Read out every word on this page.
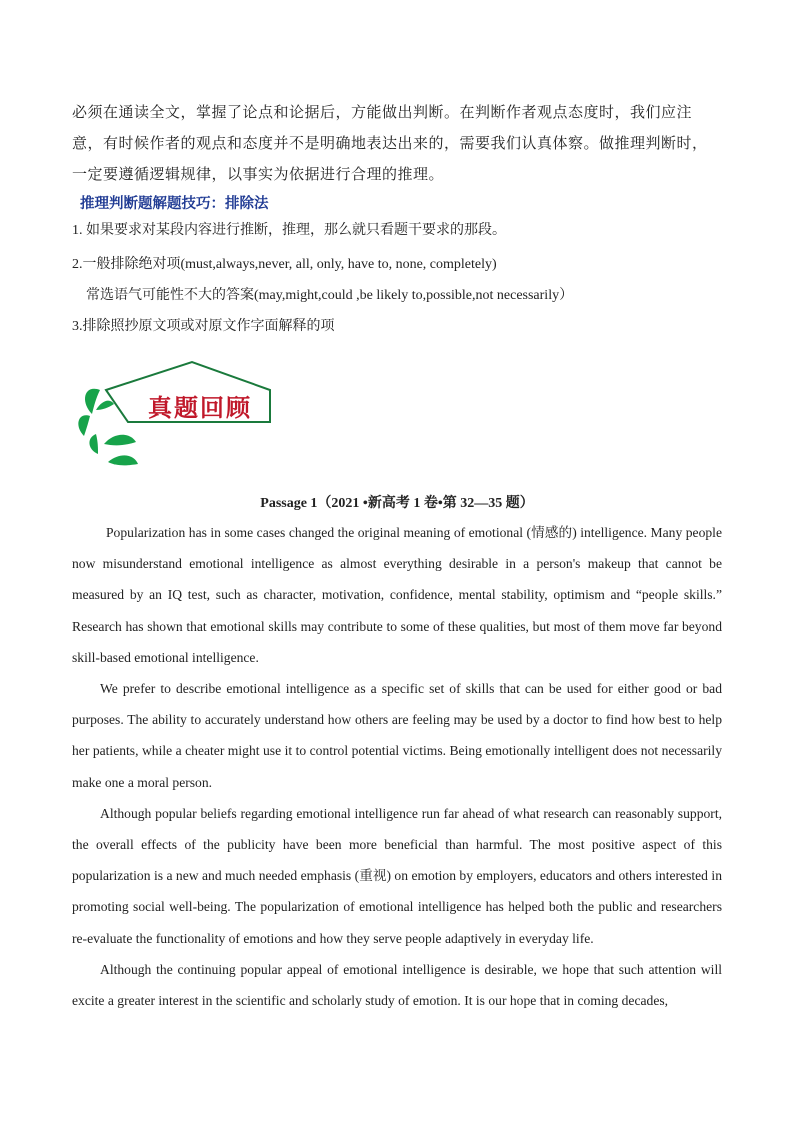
必须在通读全文，掌握了论点和论据后，方能做出判断。在判断作者观点态度时，我们应注意，有时候作者的观点和态度并不是明确地表达出来的，需要我们认真体察。做推理判断时，一定要遵循逻辑规律，以事实为依据进行合理的推理。

推理判断题解题技巧：排除法

1. 如果要求对某段内容进行推断，推理，那么就只看题干要求的那段。

2.一般排除绝对项(must,always,never, all, only, have to, none, completely)

常选语气可能性不大的答案(may,might,could ,be likely to,possible,not necessarily）

3.排除照抄原文项或对原文作字面解释的项

真题回顾

Passage 1（2021 •新高考 1 卷•第 32—35 题）

Popularization has in some cases changed the original meaning of emotional (情感的) intelligence. Many people now misunderstand emotional intelligence as almost everything desirable in a person's makeup that cannot be measured by an IQ test, such as character, motivation, confidence, mental stability, optimism and “people skills.” Research has shown that emotional skills may contribute to some of these qualities, but most of them move far beyond skill-based emotional intelligence.

We prefer to describe emotional intelligence as a specific set of skills that can be used for either good or bad purposes. The ability to accurately understand how others are feeling may be used by a doctor to find how best to help her patients, while a cheater might use it to control potential victims. Being emotionally intelligent does not necessarily make one a moral person.

Although popular beliefs regarding emotional intelligence run far ahead of what research can reasonably support, the overall effects of the publicity have been more beneficial than harmful. The most positive aspect of this popularization is a new and much needed emphasis (重视) on emotion by employers, educators and others interested in promoting social well-being. The popularization of emotional intelligence has helped both the public and researchers re-evaluate the functionality of emotions and how they serve people adaptively in everyday life.

Although the continuing popular appeal of emotional intelligence is desirable, we hope that such attention will excite a greater interest in the scientific and scholarly study of emotion. It is our hope that in coming decades,
